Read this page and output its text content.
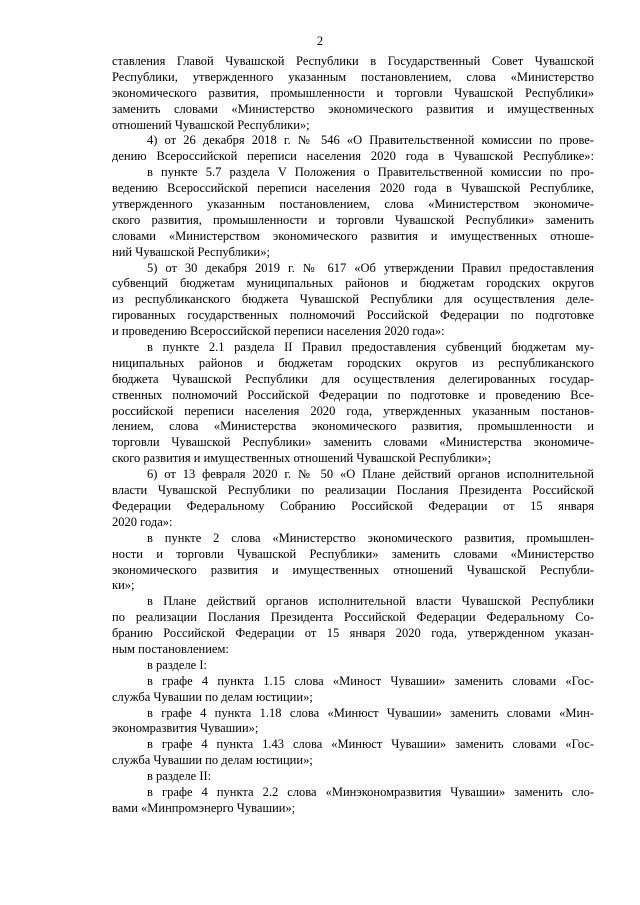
2

ставления Главой Чувашской Республики в Государственный Совет Чувашской
Республики, утвержденного указанным постановлением, слова «Министерство
экономического развития, промышленности и торговли Чувашской Республики»
заменить словами «Министерство экономического развития и имущественных
отношений Чувашской Республики»;
4) от 26 декабря 2018 г. № 546 «О Правительственной комиссии по прове-
дению Всероссийской переписи населения 2020 года в Чувашской Республике»:
в пункте 5.7 раздела V Положения о Правительственной комиссии по про-
ведению Всероссийской переписи населения 2020 года в Чувашской Республике,
утвержденного указанным постановлением, слова «Министерством экономиче-
ского развития, промышленности и торговли Чувашской Республики» заменить
словами «Министерством экономического развития и имущественных отноше-
ний Чувашской Республики»;
5) от 30 декабря 2019 г. № 617 «Об утверждении Правил предоставления
субвенций бюджетам муниципальных районов и бюджетам городских округов
из республиканского бюджета Чувашской Республики для осуществления деле-
гированных государственных полномочий Российской Федерации по подготовке
и проведению Всероссийской переписи населения 2020 года»:
в пункте 2.1 раздела II Правил предоставления субвенций бюджетам му-
ниципальных районов и бюджетам городских округов из республиканского
бюджета Чувашской Республики для осуществления делегированных государ-
ственных полномочий Российской Федерации по подготовке и проведению Все-
российской переписи населения 2020 года, утвержденных указанным постанов-
лением, слова «Министерства экономического развития, промышленности и
торговли Чувашской Республики» заменить словами «Министерства экономиче-
ского развития и имущественных отношений Чувашской Республики»;
6) от 13 февраля 2020 г. № 50 «О Плане действий органов исполнительной
власти Чувашской Республики по реализации Послания Президента Российской
Федерации Федеральному Собранию Российской Федерации от 15 января
2020 года»:
в пункте 2 слова «Министерство экономического развития, промышлен-
ности и торговли Чувашской Республики» заменить словами «Министерство
экономического развития и имущественных отношений Чувашской Республи-
ки»;
в Плане действий органов исполнительной власти Чувашской Республики
по реализации Послания Президента Российской Федерации Федеральному Со-
бранию Российской Федерации от 15 января 2020 года, утвержденном указан-
ным постановлением:
в разделе I:
в графе 4 пункта 1.15 слова «Миност Чувашии» заменить словами «Гос-
служба Чувашии по делам юстиции»;
в графе 4 пункта 1.18 слова «Минюст Чувашии» заменить словами «Мин-
экономразвития Чувашии»;
в графе 4 пункта 1.43 слова «Минюст Чувашии» заменить словами «Гос-
служба Чувашии по делам юстиции»;
в разделе II:
в графе 4 пункта 2.2 слова «Минэкономразвития Чувашии» заменить сло-
вами «Минпромэнерго Чувашии»;
